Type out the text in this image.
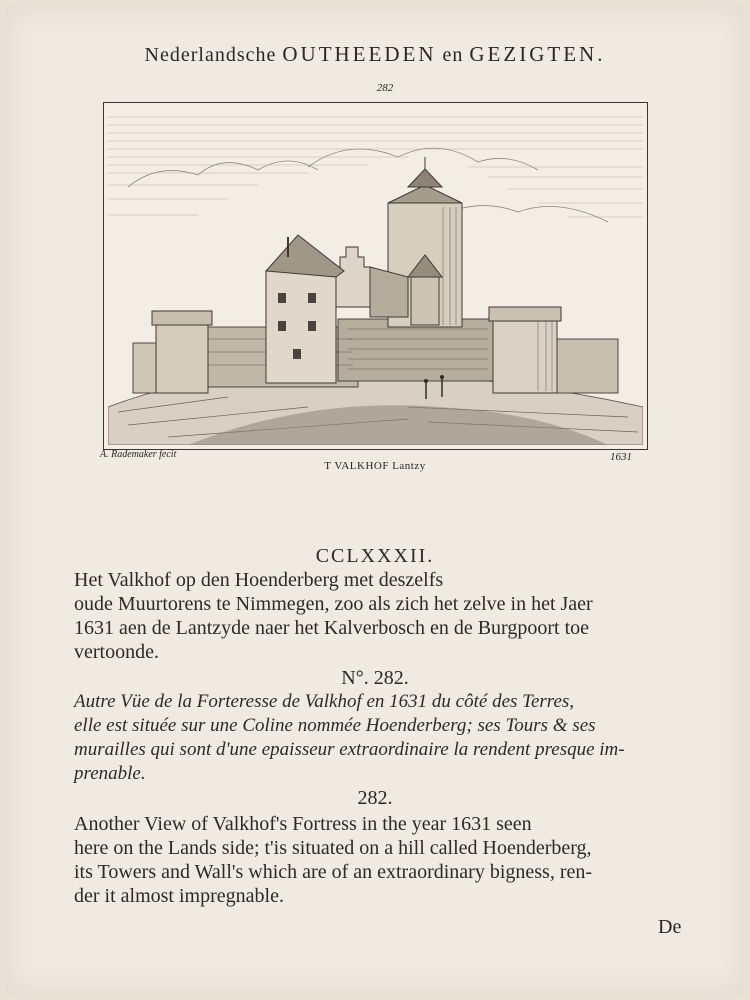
Nederlandsche OUTHEEDEN en GEZIGTEN.
282
A. Rademaker fecit
T VALKHOF Lantzy
1631
CCLXXXII.
Het Valkhof op den Hoenderberg met deszelfs
oude Muurtorens te Nimmegen, zoo als zich het zelve in het Jaer
1631 aen de Lantzyde naer het Kalverbosch en de Burgpoort toe
vertoonde.
N°. 282.
Autre Vüe de la Forteresse de Valkhof en 1631 du côté des Terres,
elle est située sur une Coline nommée Hoenderberg; ses Tours & ses
murailles qui sont d'une epaisseur extraordinaire la rendent presque im-
prenable.
282.
Another View of Valkhof's Fortress in the year 1631 seen
here on the Lands side; t'is situated on a hill called Hoenderberg,
its Towers and Wall's which are of an extraordinary bigness, ren-
der it almost impregnable.
De
